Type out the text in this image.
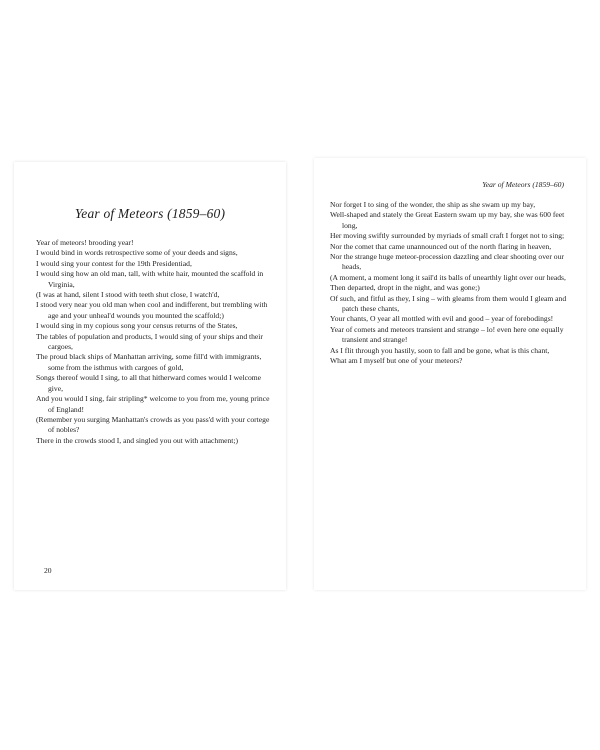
Year of Meteors (1859–60)
Year of meteors! brooding year!
I would bind in words retrospective some of your deeds and signs,
I would sing your contest for the 19th Presidentiad,
I would sing how an old man, tall, with white hair, mounted the scaffold in Virginia,
(I was at hand, silent I stood with teeth shut close, I watch'd,
I stood very near you old man when cool and indifferent, but trembling with age and your unheal'd wounds you mounted the scaffold;)
I would sing in my copious song your census returns of the States,
The tables of population and products, I would sing of your ships and their cargoes,
The proud black ships of Manhattan arriving, some fill'd with immigrants, some from the isthmus with cargoes of gold,
Songs thereof would I sing, to all that hitherward comes would I welcome give,
And you would I sing, fair stripling* welcome to you from me, young prince of England!
(Remember you surging Manhattan's crowds as you pass'd with your cortege of nobles?
There in the crowds stood I, and singled you out with attachment;)
20
Year of Meteors (1859–60)
Nor forget I to sing of the wonder, the ship as she swam up my bay,
Well-shaped and stately the Great Eastern swam up my bay, she was 600 feet long,
Her moving swiftly surrounded by myriads of small craft I forget not to sing;
Nor the comet that came unannounced out of the north flaring in heaven,
Nor the strange huge meteor-procession dazzling and clear shooting over our heads,
(A moment, a moment long it sail'd its balls of unearthly light over our heads,
Then departed, dropt in the night, and was gone;)
Of such, and fitful as they, I sing – with gleams from them would I gleam and patch these chants,
Your chants, O year all mottled with evil and good – year of forebodings!
Year of comets and meteors transient and strange – lo! even here one equally transient and strange!
As I flit through you hastily, soon to fall and be gone, what is this chant,
What am I myself but one of your meteors?
